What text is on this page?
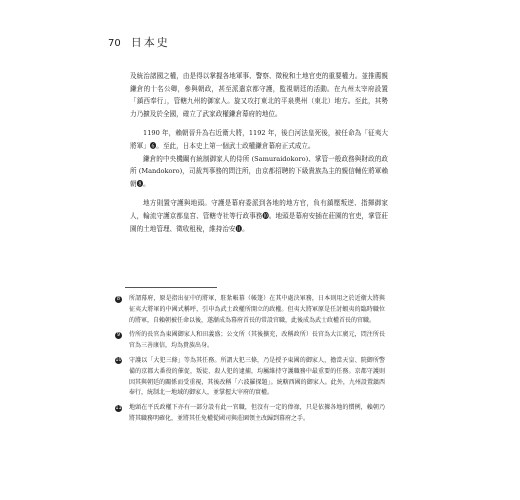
70 日本史

及統治諸國之權，由是得以掌握各地軍事、警察、徵稅和土地官吏的重要權力。並推薦親鎌倉的十名公卿，參與朝政，甚至派遣京都守護，監視朝廷的活動。在九州太宰府設置「鎮西奉行」，管轄九州的御家人。旋又攻打東北的平泉奧州（東北）地方。至此，其勢力乃擴及於全國，確立了武家政權鎌倉幕府的地位。

1190 年，賴朝晉升為右近衛大將，1192 年，後白河法皇死後，被任命為「征夷大將軍」❻。至此，日本史上第一個武士政權鎌倉幕府正式成立。

鎌倉的中央機關有統制御家人的侍所 (Samuraidokoro)、掌管一般政務與財政的政所 (Mandokoro)，司裁判事務的問注所，由京都招聘的下級貴族為主的親信輔佐將軍賴朝❽。

地方則置守護與地頭。守護是幕府委派到各地的地方官，負有鎮壓叛逆、指揮御家人，輪流守護京都皇宮、管轄寺社等行政事務❿。地頭是幕府安插在莊園的官吏，掌管莊園的土地管理、徵收租稅，維持治安⓫。

8	所謂幕府，原是指出征中的將軍，駐紮帳幕（帳篷）在其中處決軍務，日本則用之於近衛大將與征夷大將軍的中國式稱呼，引申為武士政權所開立的政權。但夷大將軍原是任討蝦夷的臨時職位的將軍，自賴朝被任命以後，遂漸成為幕府首長的常設官職，此後成為武士政權首長的官職。
9	侍所的長官為東國御家人和田義盛；公文所（其後擴充，改稱政所）長官為大江廣元，問注所長官為三善康信，均為貴族出身。
10 守護以「大犯三條」等為其任務。所謂大犯三條，乃是授予東國的御家人，擔當天皇、院御所警備的京都大番役的催促，叛徒、殺人犯的逮捕，均屬維持守護職務中最重要的任務。京都守護則因其與朝廷的關係而受重視，其後改稱「六波羅探題」。統轄西國的御家人。此外，九州設置鎮西奉行，統制北一地域的御家人，並掌握大宰府的實權。
11 地頭在平氏政權下亦有一部分設有此一官職，但沒有一定的俸祿，只是依據各地的慣例，賴朝乃將其職務明確化，並將其任免權從國司與莊園領主改歸到幕府之手。
